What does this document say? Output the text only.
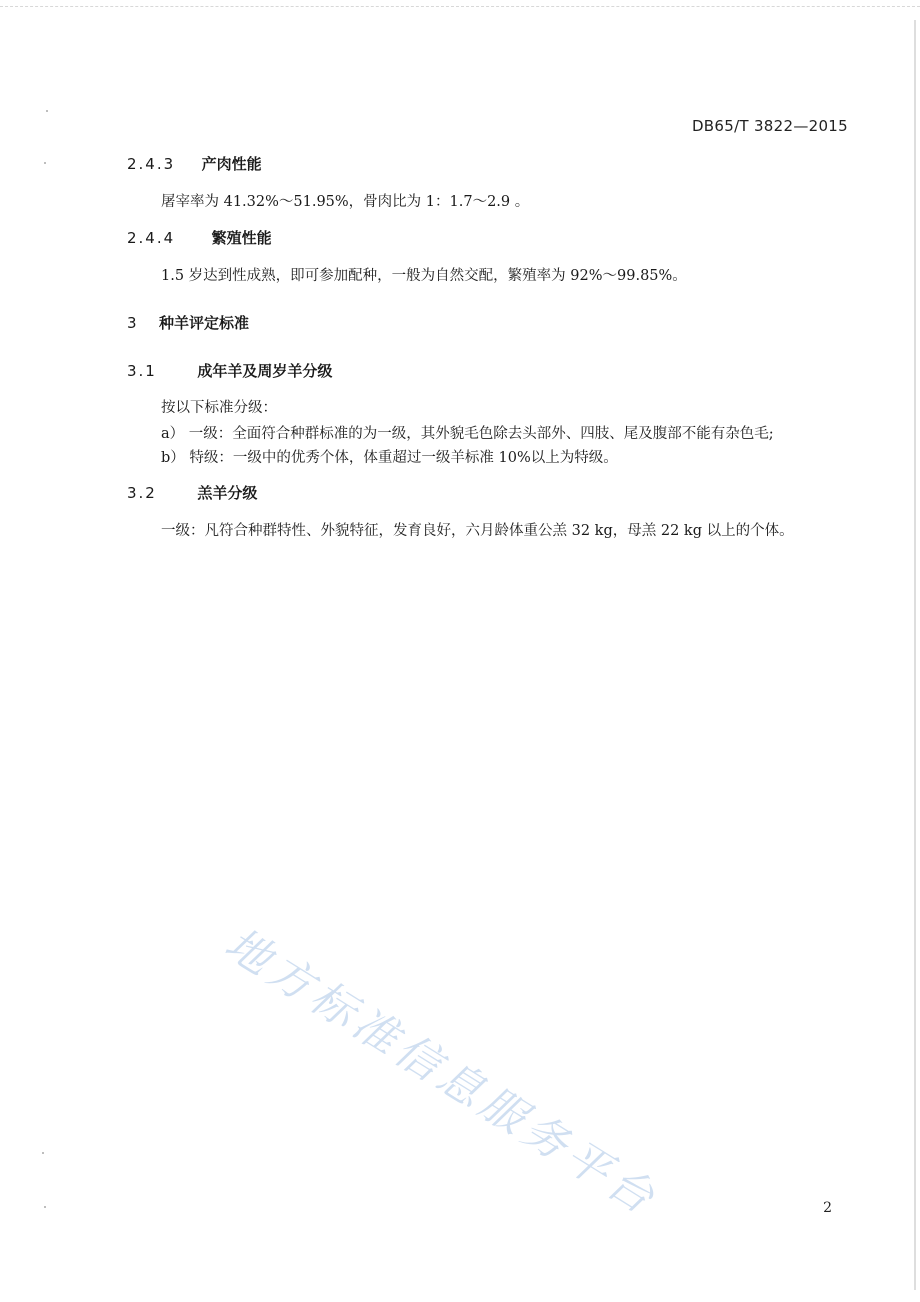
DB65/T 3822—2015
2.4.3 产肉性能
屠宰率为 41.32%～51.95%，骨肉比为 1：1.7～2.9 。
2.4.4 繁殖性能
1.5 岁达到性成熟，即可参加配种，一般为自然交配，繁殖率为 92%～99.85%。
3 种羊评定标准
3.1	成年羊及周岁羊分级
按以下标准分级：
a） 一级：全面符合种群标准的为一级，其外貌毛色除去头部外、四肢、尾及腹部不能有杂色毛;
b） 特级：一级中的优秀个体，体重超过一级羊标准 10%以上为特级。
3.2	羔羊分级
一级：凡符合种群特性、外貌特征，发育良好，六月龄体重公羔 32 kg，母羔 22 kg 以上的个体。
地方标准信息服务平台	2
